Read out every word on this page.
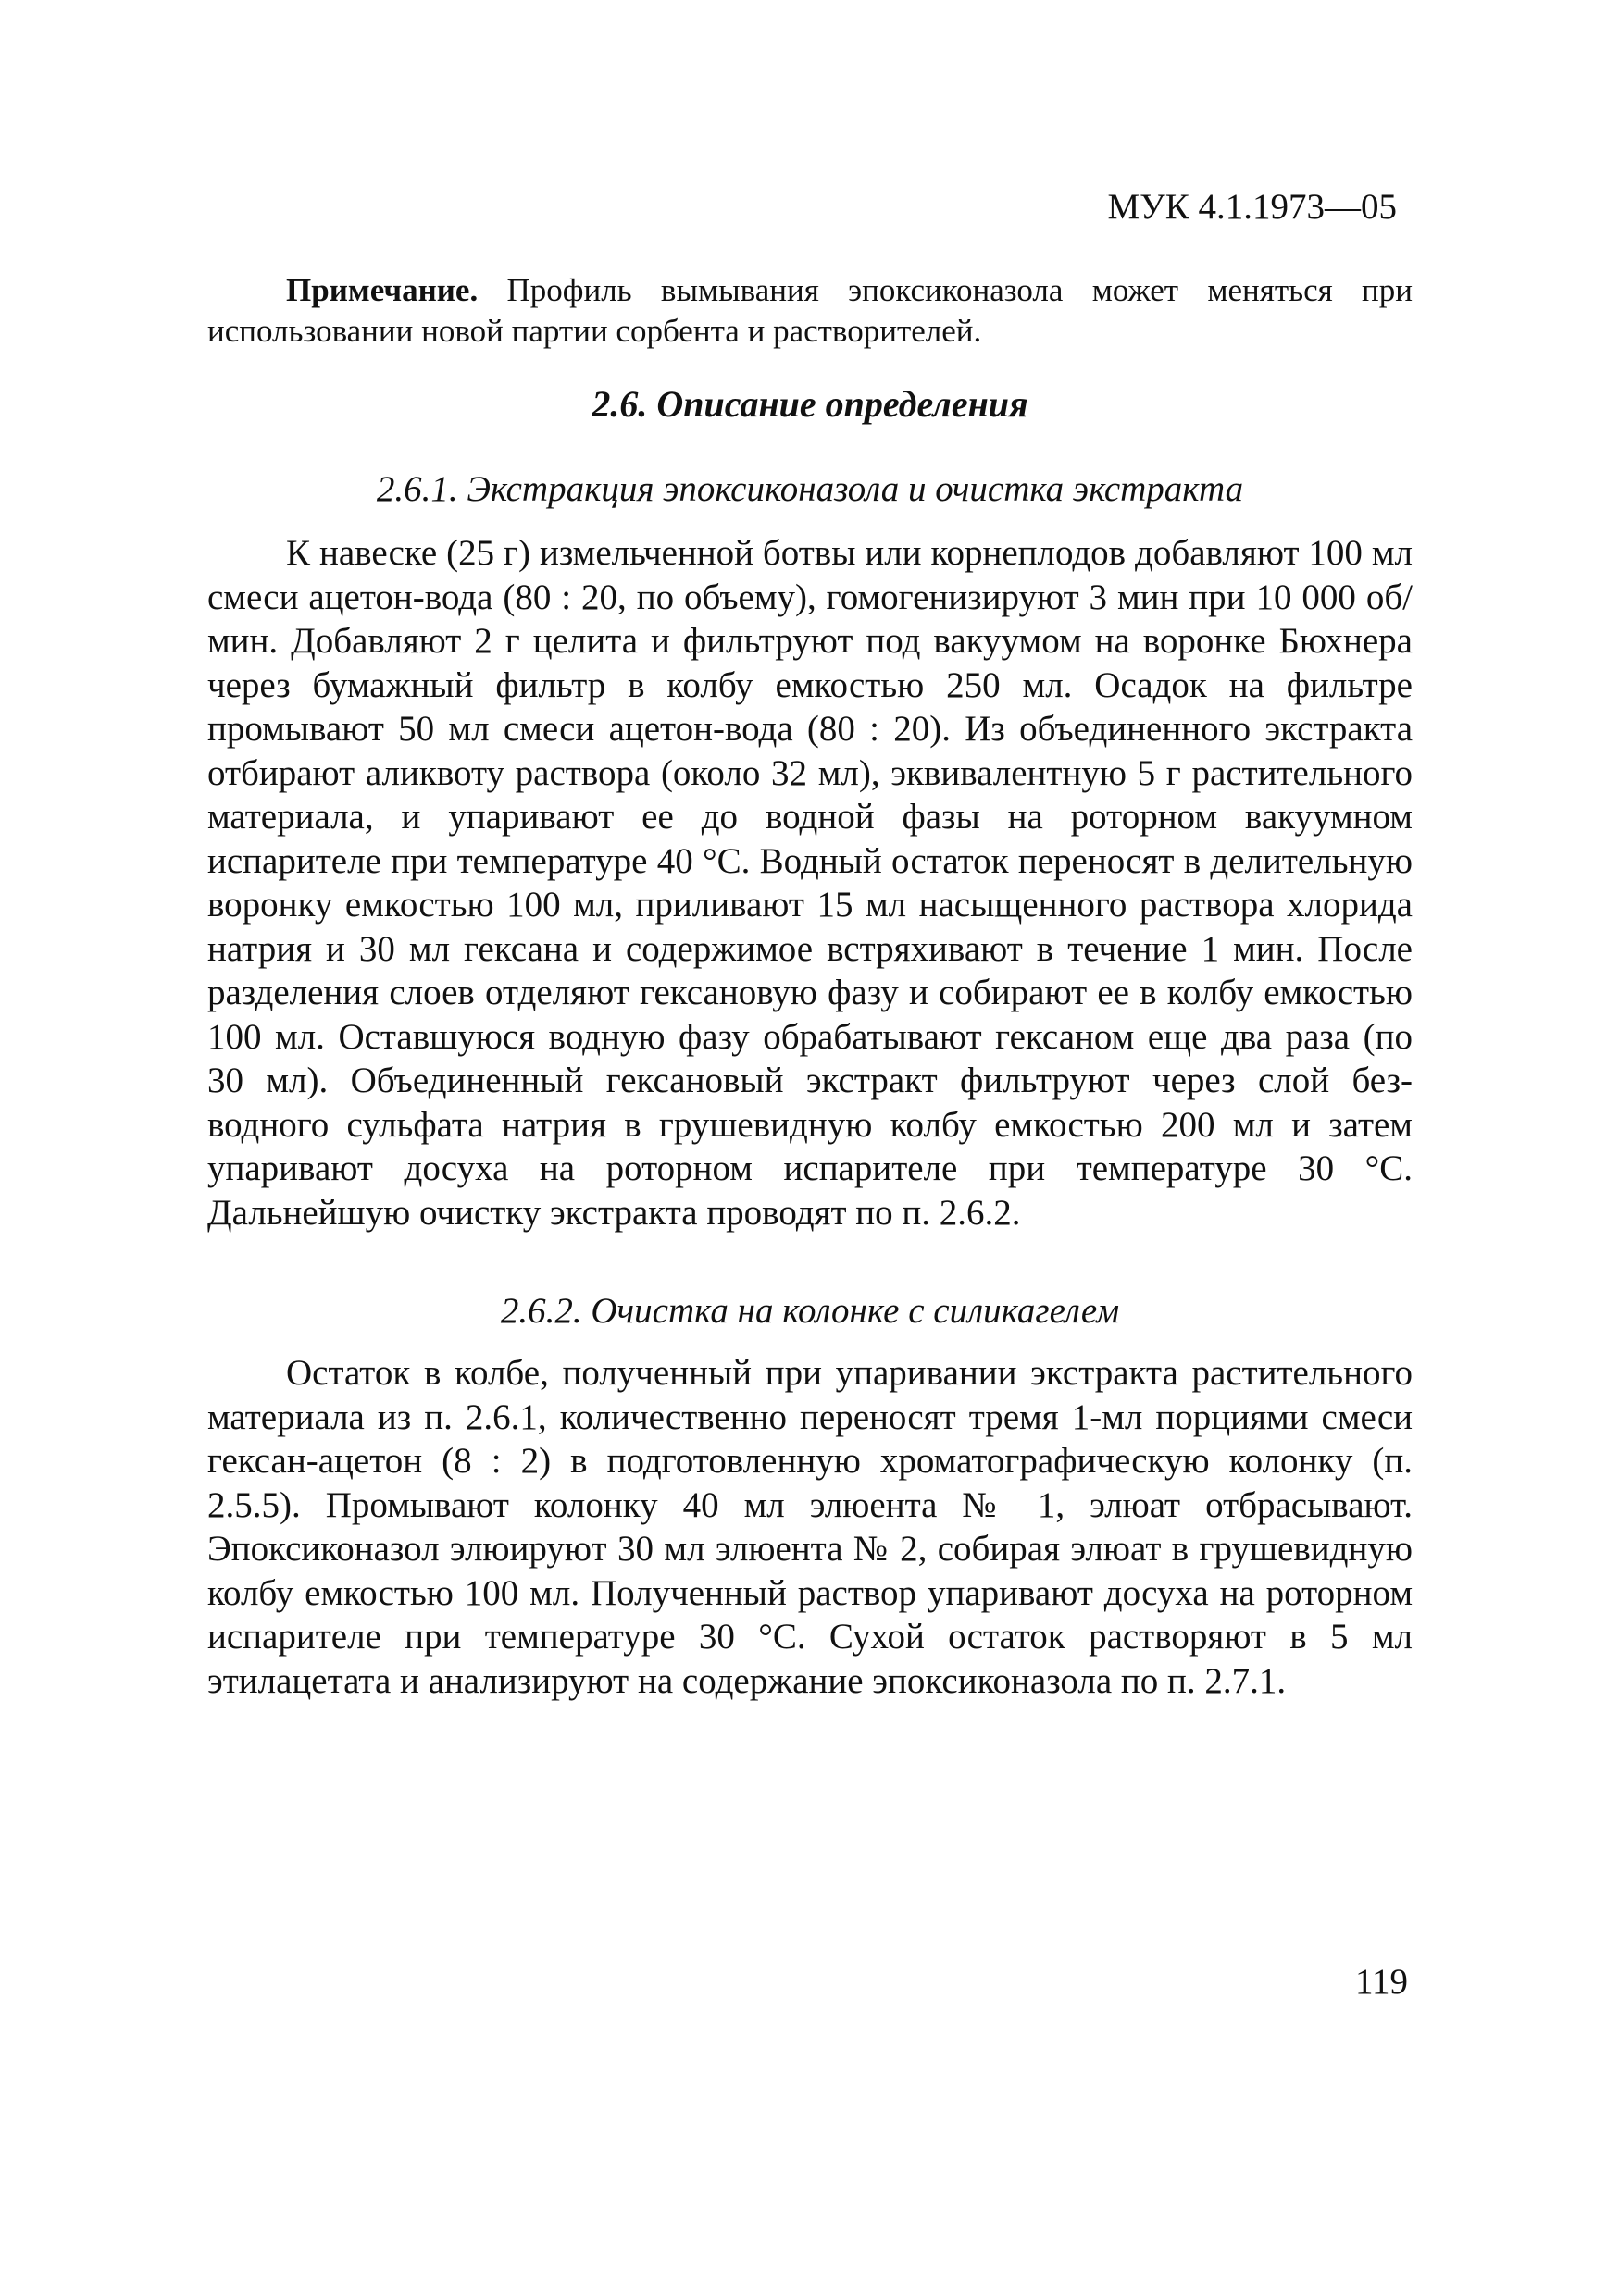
МУК 4.1.1973—05

Примечание. Профиль вымывания эпоксиконазола может меняться при использовании новой партии сорбента и растворителей.

2.6. Описание определения
2.6.1. Экстракция эпоксиконазола и очистка экстракта

К навеске (25 г) измельченной ботвы или корнеплодов добавляют 100 мл смеси ацетон-вода (80 : 20, по объему), гомогенизируют 3 мин при 10 000 об/мин. Добавляют 2 г целита и фильтруют под вакуумом на воронке Бюхнера через бумажный фильтр в колбу емкостью 250 мл. Осадок на фильтре промывают 50 мл смеси ацетон-вода (80 : 20). Из объединенного экстракта отбирают аликвоту раствора (около 32 мл), эквивалентную 5 г растительного материала, и упаривают ее до водной фазы на роторном вакуумном испарителе при температуре 40 °С. Водный остаток переносят в делительную воронку емкостью 100 мл, приливают 15 мл насыщенного раствора хлорида натрия и 30 мл гексана и содержимое встряхивают в течение 1 мин. После разделения слоев отделяют гексановую фазу и собирают ее в колбу емкостью 100 мл. Оставшуюся водную фазу обрабатывают гексаном еще два раза (по 30 мл). Объединенный гексановый экстракт фильтруют через слой безводного сульфата натрия в грушевидную колбу емкостью 200 мл и затем упаривают досуха на роторном испарителе при температуре 30 °С. Дальнейшую очистку экстракта проводят по п. 2.6.2.

2.6.2. Очистка на колонке с силикагелем

Остаток в колбе, полученный при упаривании экстракта растительного материала из п. 2.6.1, количественно переносят тремя 1-мл порциями смеси гексан-ацетон (8 : 2) в подготовленную хроматографическую колонку (п. 2.5.5). Промывают колонку 40 мл элюента № 1, элюат отбрасывают. Эпоксиконазол элюируют 30 мл элюента № 2, собирая элюат в грушевидную колбу емкостью 100 мл. Полученный раствор упаривают досуха на роторном испарителе при температуре 30 °С. Сухой остаток растворяют в 5 мл этилацетата и анализируют на содержание эпоксиконазола по п. 2.7.1.

119
